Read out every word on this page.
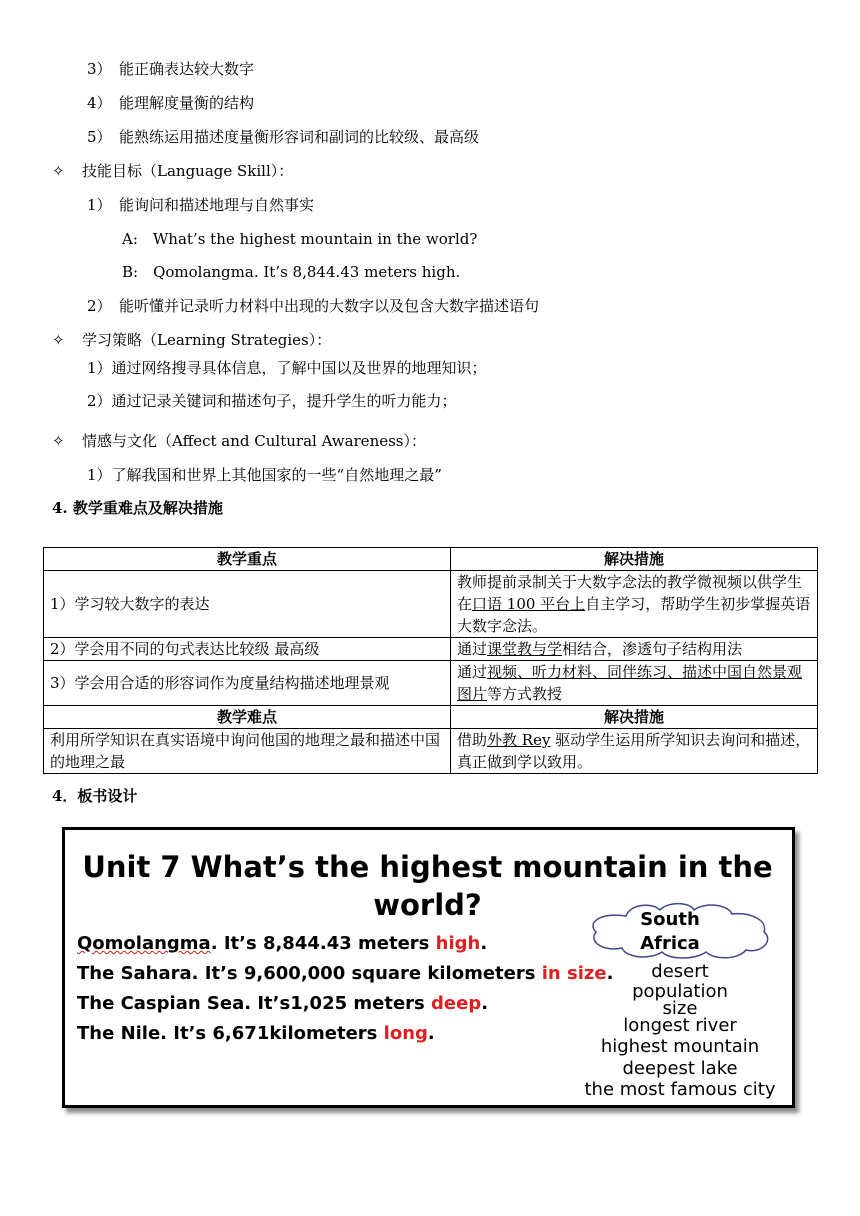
3）　能正确表达较大数字
4）　能理解度量衡的结构
5）　能熟练运用描述度量衡形容词和副词的比较级、最高级
✧ 技能目标（Language Skill）：
1）　能询问和描述地理与自然事实
A:　What’s the highest mountain in the world?
B:　Qomolangma. It’s 8,844.43 meters high.
2）　能听懂并记录听力材料中出现的大数字以及包含大数字描述语句
✧ 学习策略（Learning Strategies）：
1）通过网络搜寻具体信息，了解中国以及世界的地理知识；
2）通过记录关键词和描述句子，提升学生的听力能力；
✧ 情感与文化（Affect and Cultural Awareness）：
1）了解我国和世界上其他国家的一些“自然地理之最”
4. 教学重难点及解决措施
教学重点	解决措施
1）学习较大数字的表达	教师提前录制关于大数字念法的教学微视频以供学生在口语 100 平台上自主学习，帮助学生初步掌握英语大数字念法。
2）学会用不同的句式表达比较级 最高级	通过课堂教与学相结合，渗透句子结构用法
3）学会用合适的形容词作为度量结构描述地理景观	通过视频、听力材料、同伴练习、描述中国自然景观图片等方式教授
教学难点	解决措施
利用所学知识在真实语境中询问他国的地理之最和描述中国的地理之最	借助外教 Rey 驱动学生运用所学知识去询问和描述，真正做到学以致用。
4．板书设计
Unit 7 What’s the highest mountain in the
world?
Qomolangma. It’s 8,844.43 meters high.
The Sahara. It’s 9,600,000 square kilometers in size.
The Caspian Sea. It’s1,025 meters deep.
The Nile. It’s 6,671kilometers long.
South
Africa
desert
population
size
longest river
highest mountain
deepest lake
the most famous city
